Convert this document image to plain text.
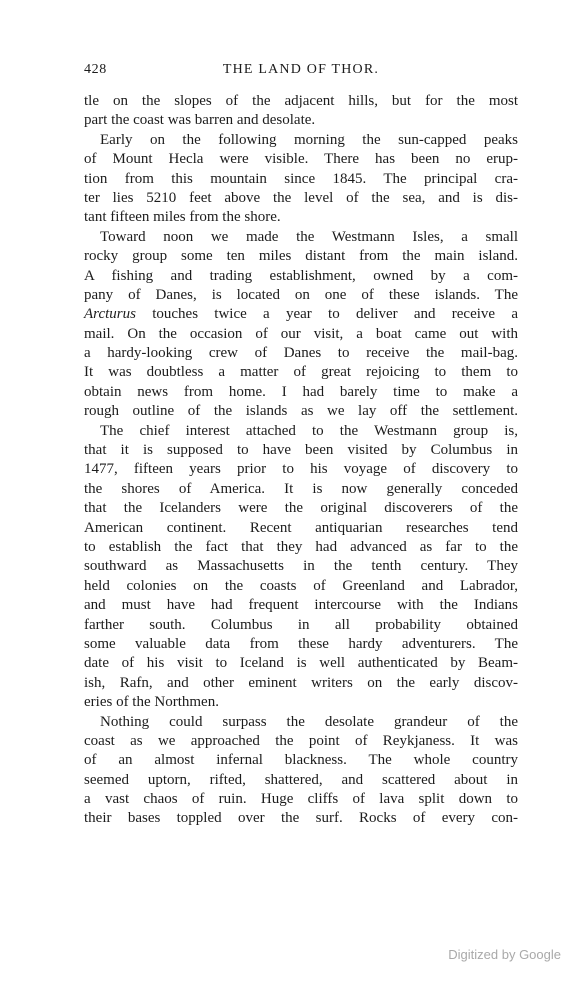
428	THE LAND OF THOR.
tle on the slopes of the adjacent hills, but for the most
part the coast was barren and desolate.
Early on the following morning the sun-capped peaks
of Mount Hecla were visible. There has been no erup-
tion from this mountain since 1845. The principal cra-
ter lies 5210 feet above the level of the sea, and is dis-
tant fifteen miles from the shore.
Toward noon we made the Westmann Isles, a small
rocky group some ten miles distant from the main island.
A fishing and trading establishment, owned by a com-
pany of Danes, is located on one of these islands. The
Arcturus touches twice a year to deliver and receive a
mail. On the occasion of our visit, a boat came out with
a hardy-looking crew of Danes to receive the mail-bag.
It was doubtless a matter of great rejoicing to them to
obtain news from home. I had barely time to make a
rough outline of the islands as we lay off the settlement.
The chief interest attached to the Westmann group is,
that it is supposed to have been visited by Columbus in
1477, fifteen years prior to his voyage of discovery to
the shores of America. It is now generally conceded
that the Icelanders were the original discoverers of the
American continent. Recent antiquarian researches tend
to establish the fact that they had advanced as far to the
southward as Massachusetts in the tenth century. They
held colonies on the coasts of Greenland and Labrador,
and must have had frequent intercourse with the Indians
farther south. Columbus in all probability obtained
some valuable data from these hardy adventurers. The
date of his visit to Iceland is well authenticated by Beam-
ish, Rafn, and other eminent writers on the early discov-
eries of the Northmen.
Nothing could surpass the desolate grandeur of the
coast as we approached the point of Reykjaness. It was
of an almost infernal blackness. The whole country
seemed uptorn, rifted, shattered, and scattered about in
a vast chaos of ruin. Huge cliffs of lava split down to
their bases toppled over the surf. Rocks of every con-
Digitized by Google
